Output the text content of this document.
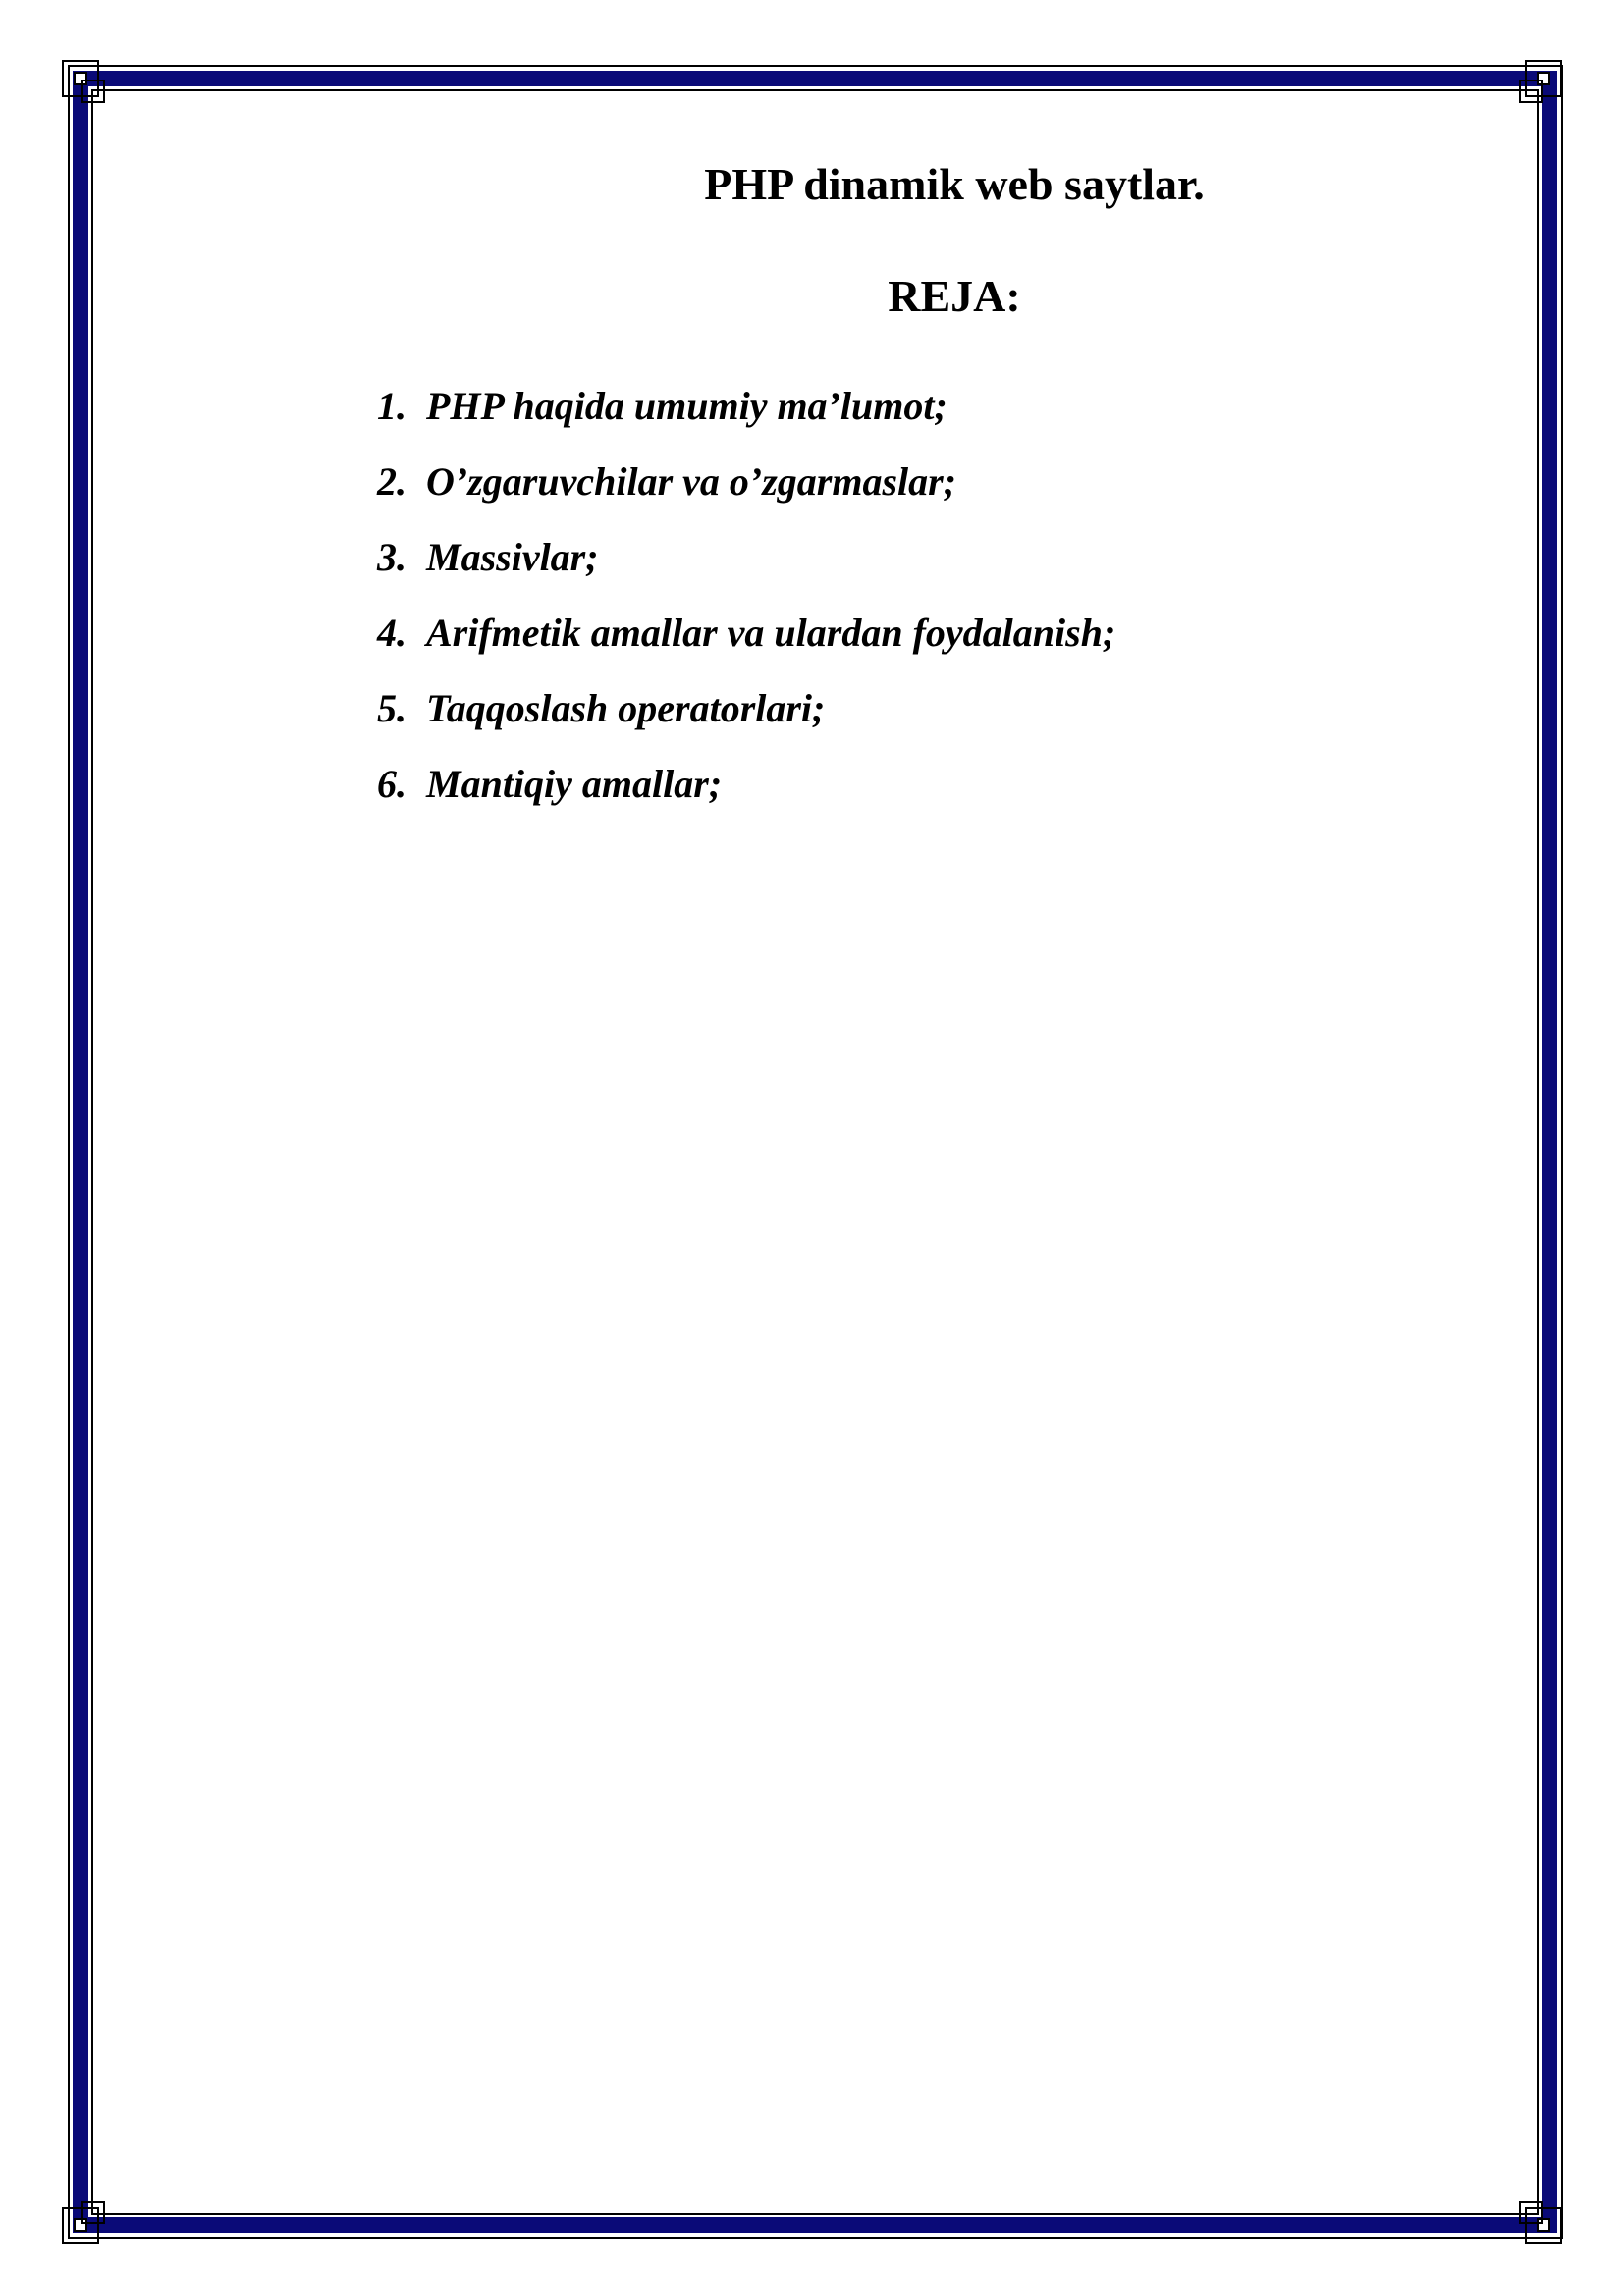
PHP dinamik web saytlar.
REJA:
1. PHP haqida umumiy ma’lumot;
2. O’zgaruvchilar va o’zgarmaslar;
3. Massivlar;
4. Arifmetik amallar va ulardan foydalanish;
5. Taqqoslash operatorlari;
6. Mantiqiy amallar;
